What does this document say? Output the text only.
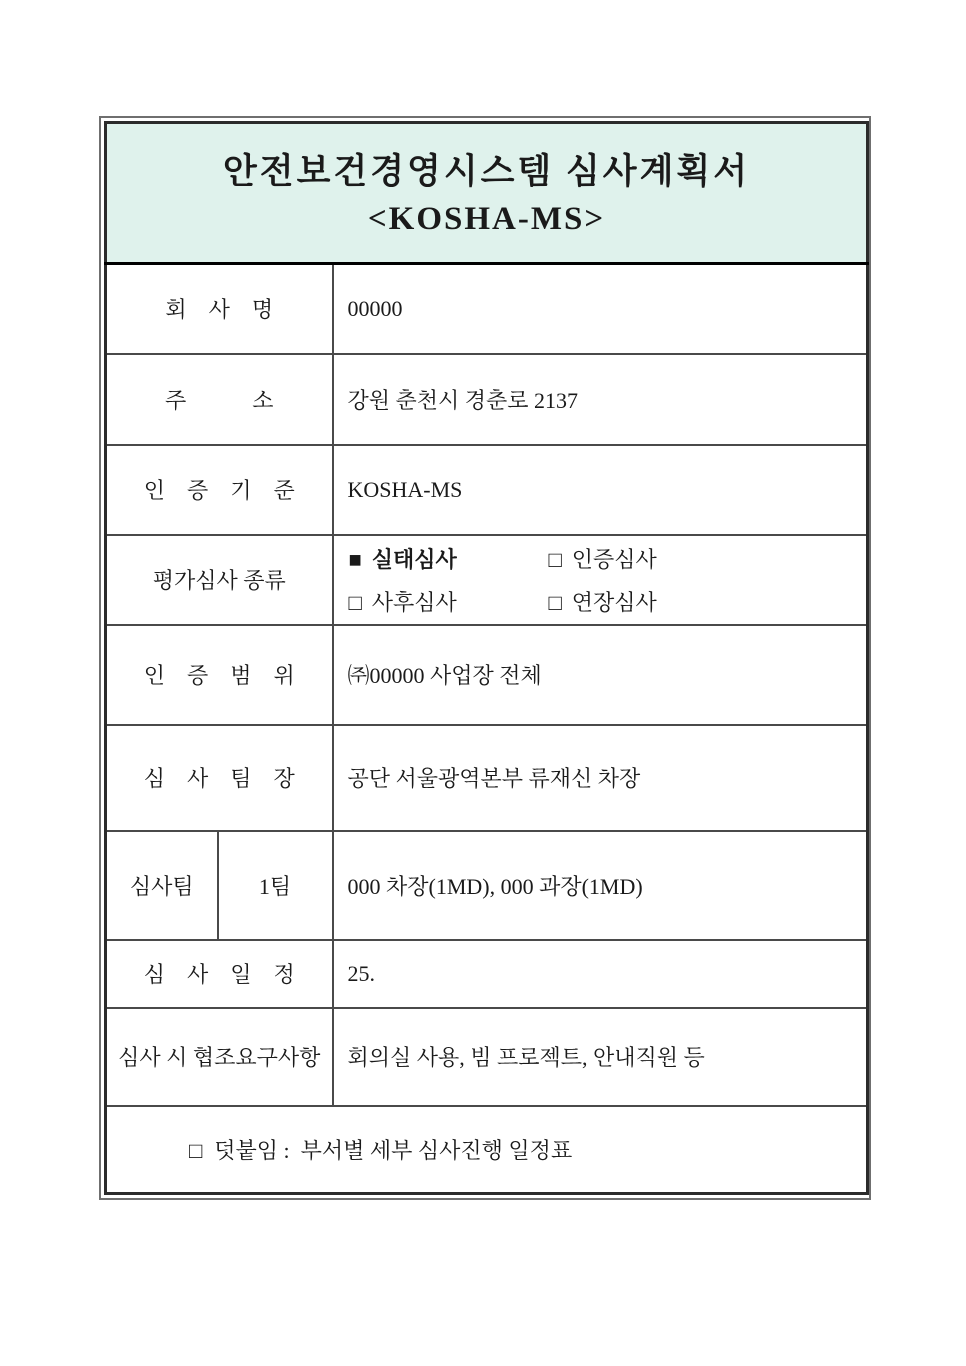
안전보건경영시스템 심사계획서
<KOSHA-MS>		

회　사　명		00000
주　　　소		강원 춘천시 경춘로 2137
인　증　기　준		KOSHA-MS
평가심사 종류		■ 실태심사 □ 인증심사
□ 사후심사 □ 연장심사

인　증　범　위		㈜00000 사업장 전체
심　사　팀　장		공단 서울광역본부 류재신 차장
심사팀	1팀	000 차장(1MD), 000 과장(1MD)
심　사　일　정		25.
심사 시 협조요구사항		회의실 사용, 빔 프로젝트, 안내직원 등

□ 덧붙임 :  부서별 세부 심사진행 일정표		
